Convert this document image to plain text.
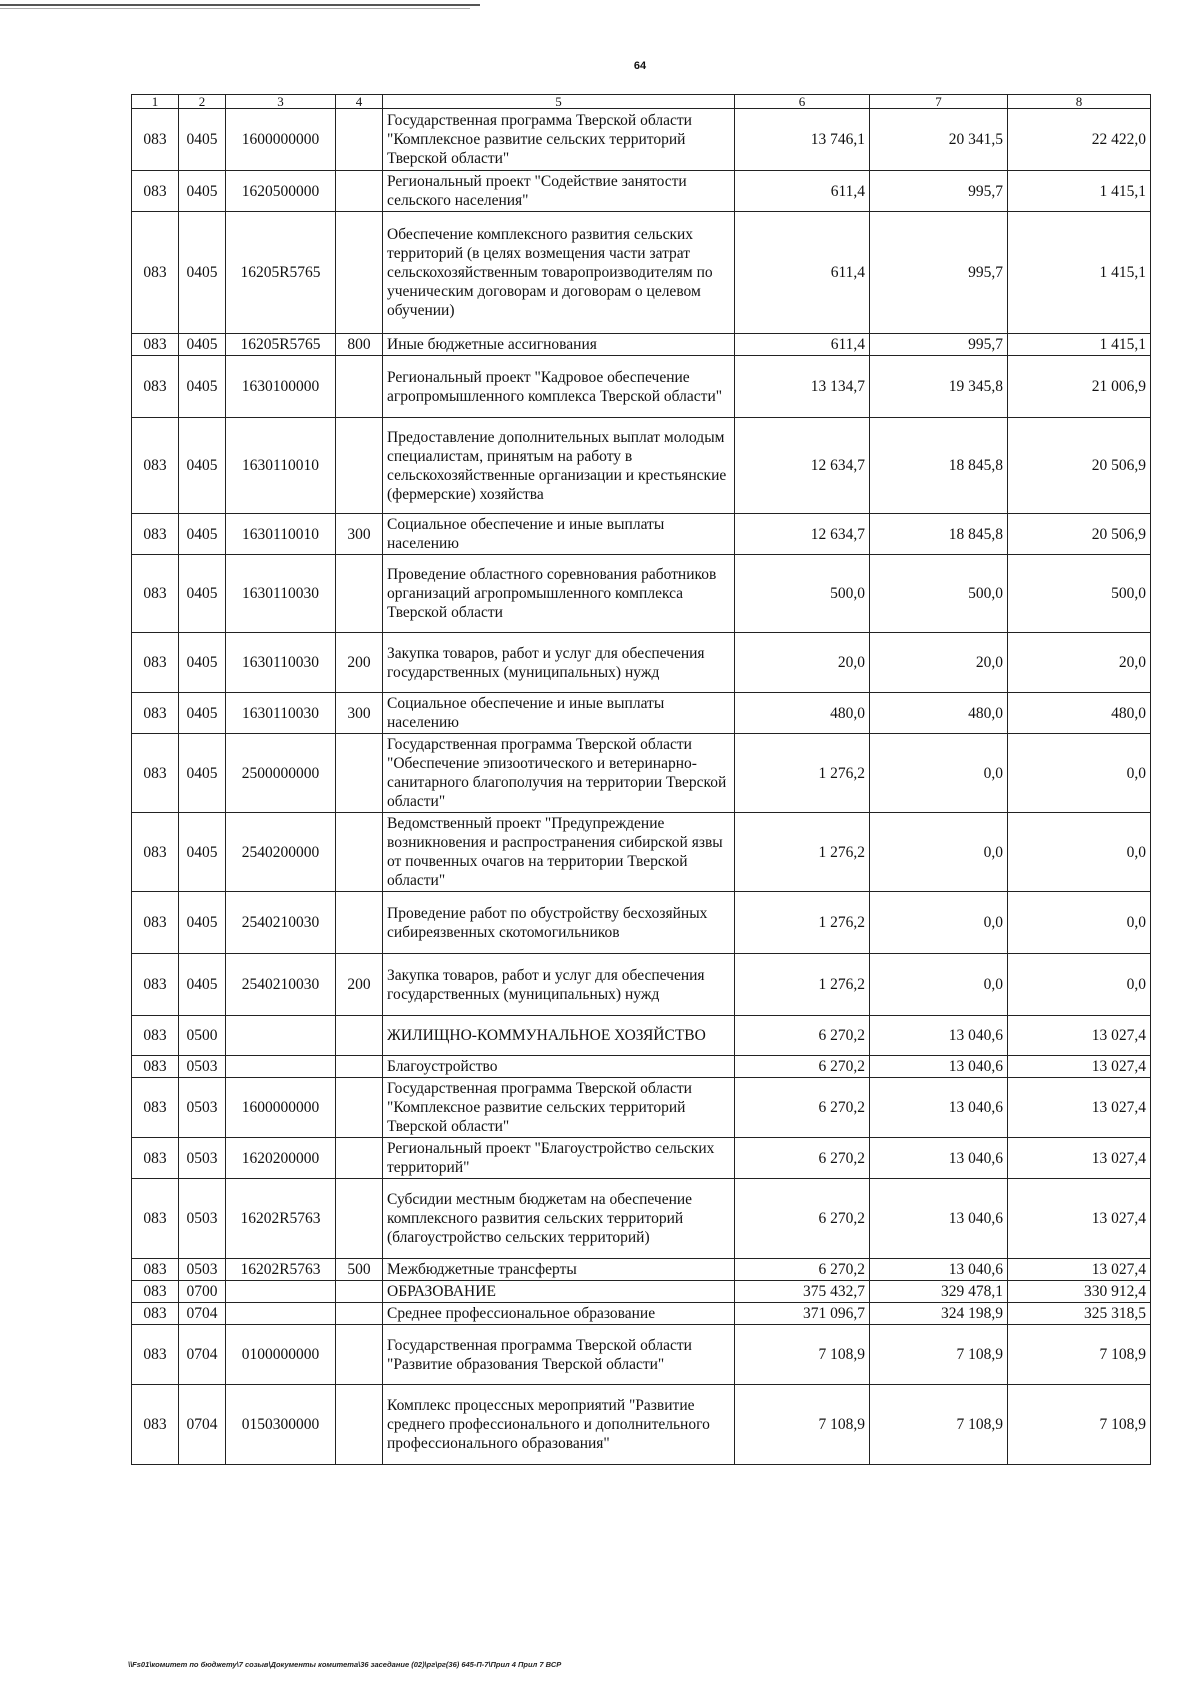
64
1	2	3	4	5	6	7	8
083	0405	1600000000		Государственная программа Тверской области "Комплексное развитие сельских территорий Тверской области"	13 746,1	20 341,5	22 422,0
083	0405	1620500000		Региональный проект "Содействие занятости сельского населения"	611,4	995,7	1 415,1
083	0405	16205R5765		Обеспечение комплексного развития сельских территорий (в целях возмещения части затрат сельскохозяйственным товаропроизводителям по ученическим договорам и договорам о целевом обучении)	611,4	995,7	1 415,1
083	0405	16205R5765	800	Иные бюджетные ассигнования	611,4	995,7	1 415,1
083	0405	1630100000		Региональный проект "Кадровое обеспечение агропромышленного комплекса Тверской области"	13 134,7	19 345,8	21 006,9
083	0405	1630110010		Предоставление дополнительных выплат молодым специалистам, принятым на работу в сельскохозяйственные организации и крестьянские (фермерские) хозяйства	12 634,7	18 845,8	20 506,9
083	0405	1630110010	300	Социальное обеспечение и иные выплаты населению	12 634,7	18 845,8	20 506,9
083	0405	1630110030		Проведение областного соревнования работников организаций агропромышленного комплекса Тверской области	500,0	500,0	500,0
083	0405	1630110030	200	Закупка товаров, работ и услуг для обеспечения государственных (муниципальных) нужд	20,0	20,0	20,0
083	0405	1630110030	300	Социальное обеспечение и иные выплаты населению	480,0	480,0	480,0
083	0405	2500000000		Государственная программа Тверской области "Обеспечение эпизоотического и ветеринарно-санитарного благополучия на территории Тверской области"	1 276,2	0,0	0,0
083	0405	2540200000		Ведомственный проект "Предупреждение возникновения и распространения сибирской язвы от почвенных очагов на территории Тверской области"	1 276,2	0,0	0,0
083	0405	2540210030		Проведение работ по обустройству бесхозяйных сибиреязвенных скотомогильников	1 276,2	0,0	0,0
083	0405	2540210030	200	Закупка товаров, работ и услуг для обеспечения государственных (муниципальных) нужд	1 276,2	0,0	0,0
083	0500			ЖИЛИЩНО-КОММУНАЛЬНОЕ ХОЗЯЙСТВО	6 270,2	13 040,6	13 027,4
083	0503			Благоустройство	6 270,2	13 040,6	13 027,4
083	0503	1600000000		Государственная программа Тверской области "Комплексное развитие сельских территорий Тверской области"	6 270,2	13 040,6	13 027,4
083	0503	1620200000		Региональный проект "Благоустройство сельских территорий"	6 270,2	13 040,6	13 027,4
083	0503	16202R5763		Субсидии местным бюджетам на обеспечение комплексного развития сельских территорий (благоустройство сельских территорий)	6 270,2	13 040,6	13 027,4
083	0503	16202R5763	500	Межбюджетные трансферты	6 270,2	13 040,6	13 027,4
083	0700			ОБРАЗОВАНИЕ	375 432,7	329 478,1	330 912,4
083	0704			Среднее профессиональное образование	371 096,7	324 198,9	325 318,5
083	0704	0100000000		Государственная программа Тверской области "Развитие образования Тверской области"	7 108,9	7 108,9	7 108,9
083	0704	0150300000		Комплекс процессных мероприятий "Развитие среднего профессионального и дополнительного профессионального образования"	7 108,9	7 108,9	7 108,9
\\Fs01\комитет по бюджету\7 созыв\Документы комитета\36 заседание (02)\рг\рг(36) 645-П-7\Прил 4 Прил 7 ВСР
